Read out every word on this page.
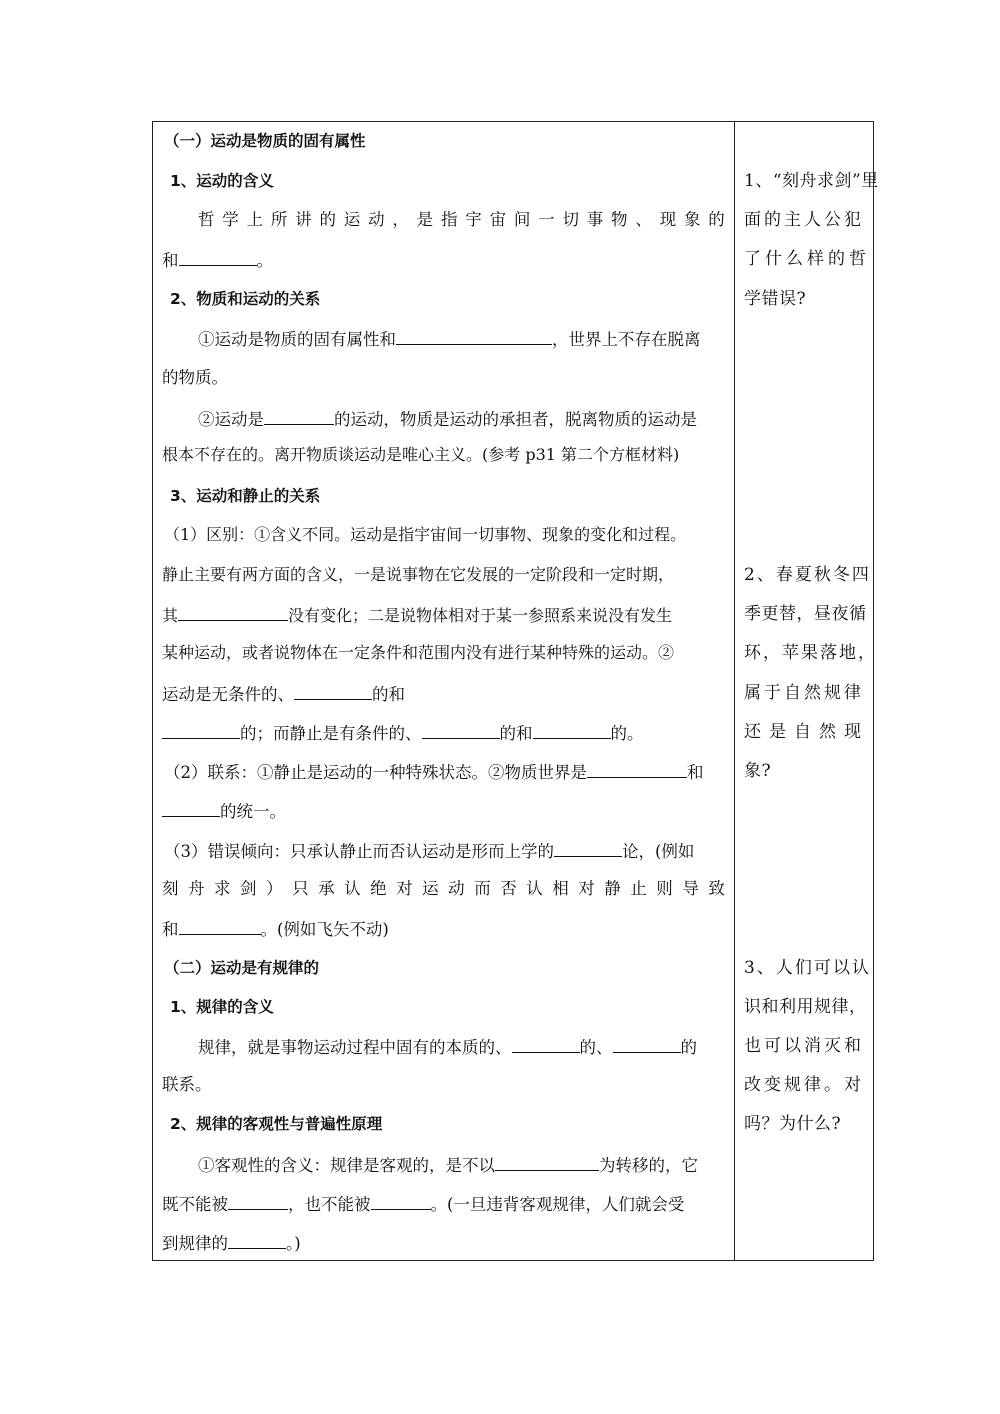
（一）运动是物质的固有属性
1、运动的含义
哲 学 上 所 讲 的 运 动 ， 是 指 宇 宙 间 一 切 事 物 、 现 象 的
和	。
2、物质和运动的关系
①运动是物质的固有属性和	，世界上不存在脱离
的物质。
②运动是	的运动，物质是运动的承担者，脱离物质的运动是
根本不存在的。离开物质谈运动是唯心主义。(参考 p31 第二个方框材料)
3、运动和静止的关系
（1）区别：①含义不同。运动是指宇宙间一切事物、现象的变化和过程。
静止主要有两方面的含义，一是说事物在它发展的一定阶段和一定时期，
其	没有变化；二是说物体相对于某一参照系来说没有发生
某种运动，或者说物体在一定条件和范围内没有进行某种特殊的运动。②
运动是无条件的、	的和
的；而静止是有条件的、	的和	的。
（2）联系：①静止是运动的一种特殊状态。②物质世界是	和
的统一。
（3）错误倾向：只承认静止而否认运动是形而上学的	论，(例如
刻 舟 求 剑 ） 只 承 认 绝 对 运 动 而 否 认 相 对 静 止 则 导 致
和	。(例如飞矢不动)
（二）运动是有规律的
1、规律的含义
规律，就是事物运动过程中固有的本质的、	的、	的
联系。
2、规律的客观性与普遍性原理
①客观性的含义：规律是客观的，是不以	为转移的，它
既不能被	，也不能被	。(一旦违背客观规律，人们就会受
到规律的	。)
1、“刻舟求剑”里
面的主人公犯
了什么样的哲
学错误?
2、春夏秋冬四
季更替，昼夜循
环，苹果落地，
属于自然规律
还是自然现
象?
3、人们可以认
识和利用规律，
也可以消灭和
改变规律。对
吗？为什么?
